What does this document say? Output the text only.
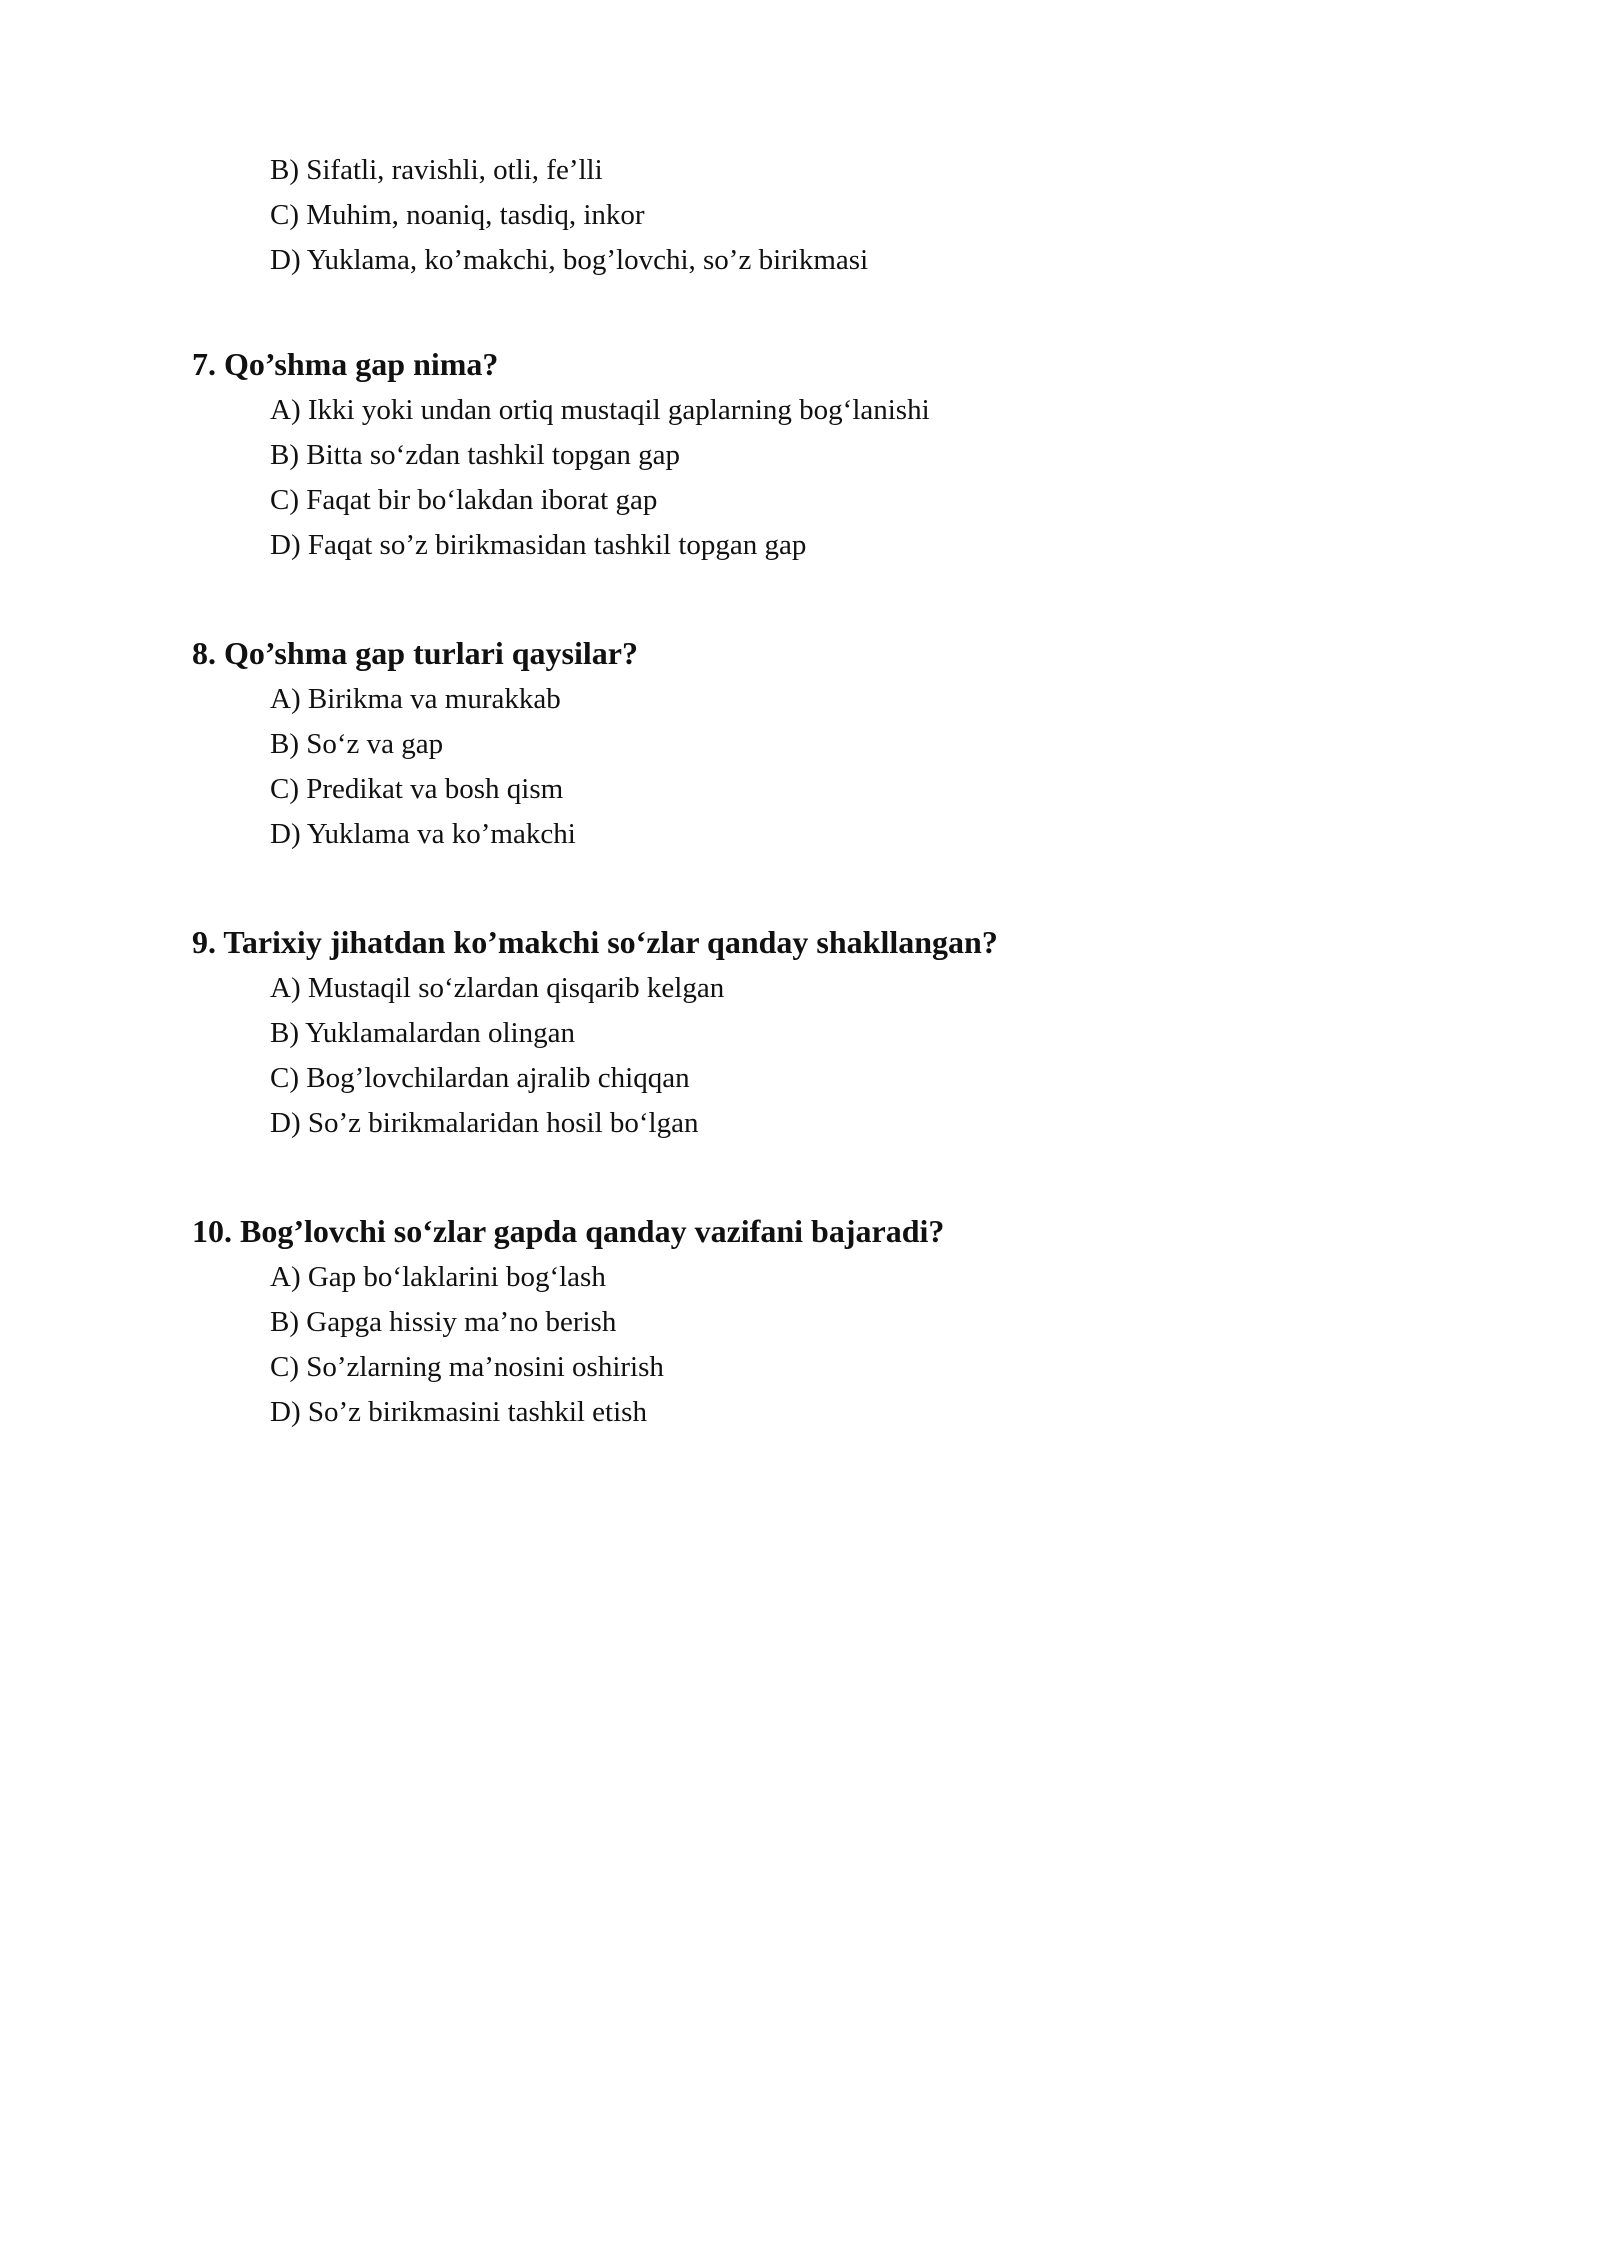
B) Sifatli, ravishli, otli, fe’lli
C) Muhim, noaniq, tasdiq, inkor
D) Yuklama, ko’makchi, bog’lovchi, so’z birikmasi
7. Qo’shma gap nima?
A) Ikki yoki undan ortiq mustaqil gaplarning bog‘lanishi
B) Bitta so‘zdan tashkil topgan gap
C) Faqat bir bo‘lakdan iborat gap
D) Faqat so’z birikmasidan tashkil topgan gap
8. Qo’shma gap turlari qaysilar?
A) Birikma va murakkab
B) So‘z va gap
C) Predikat va bosh qism
D) Yuklama va ko’makchi
9. Tarixiy jihatdan ko’makchi so‘zlar qanday shakllangan?
A) Mustaqil so‘zlardan qisqarib kelgan
B) Yuklamalardan olingan
C) Bog’lovchilardan ajralib chiqqan
D) So’z birikmalaridan hosil bo‘lgan
10. Bog’lovchi so‘zlar gapda qanday vazifani bajaradi?
A) Gap bo‘laklarini bog‘lash
B) Gapga hissiy ma’no berish
C) So’zlarning ma’nosini oshirish
D) So’z birikmasini tashkil etish
